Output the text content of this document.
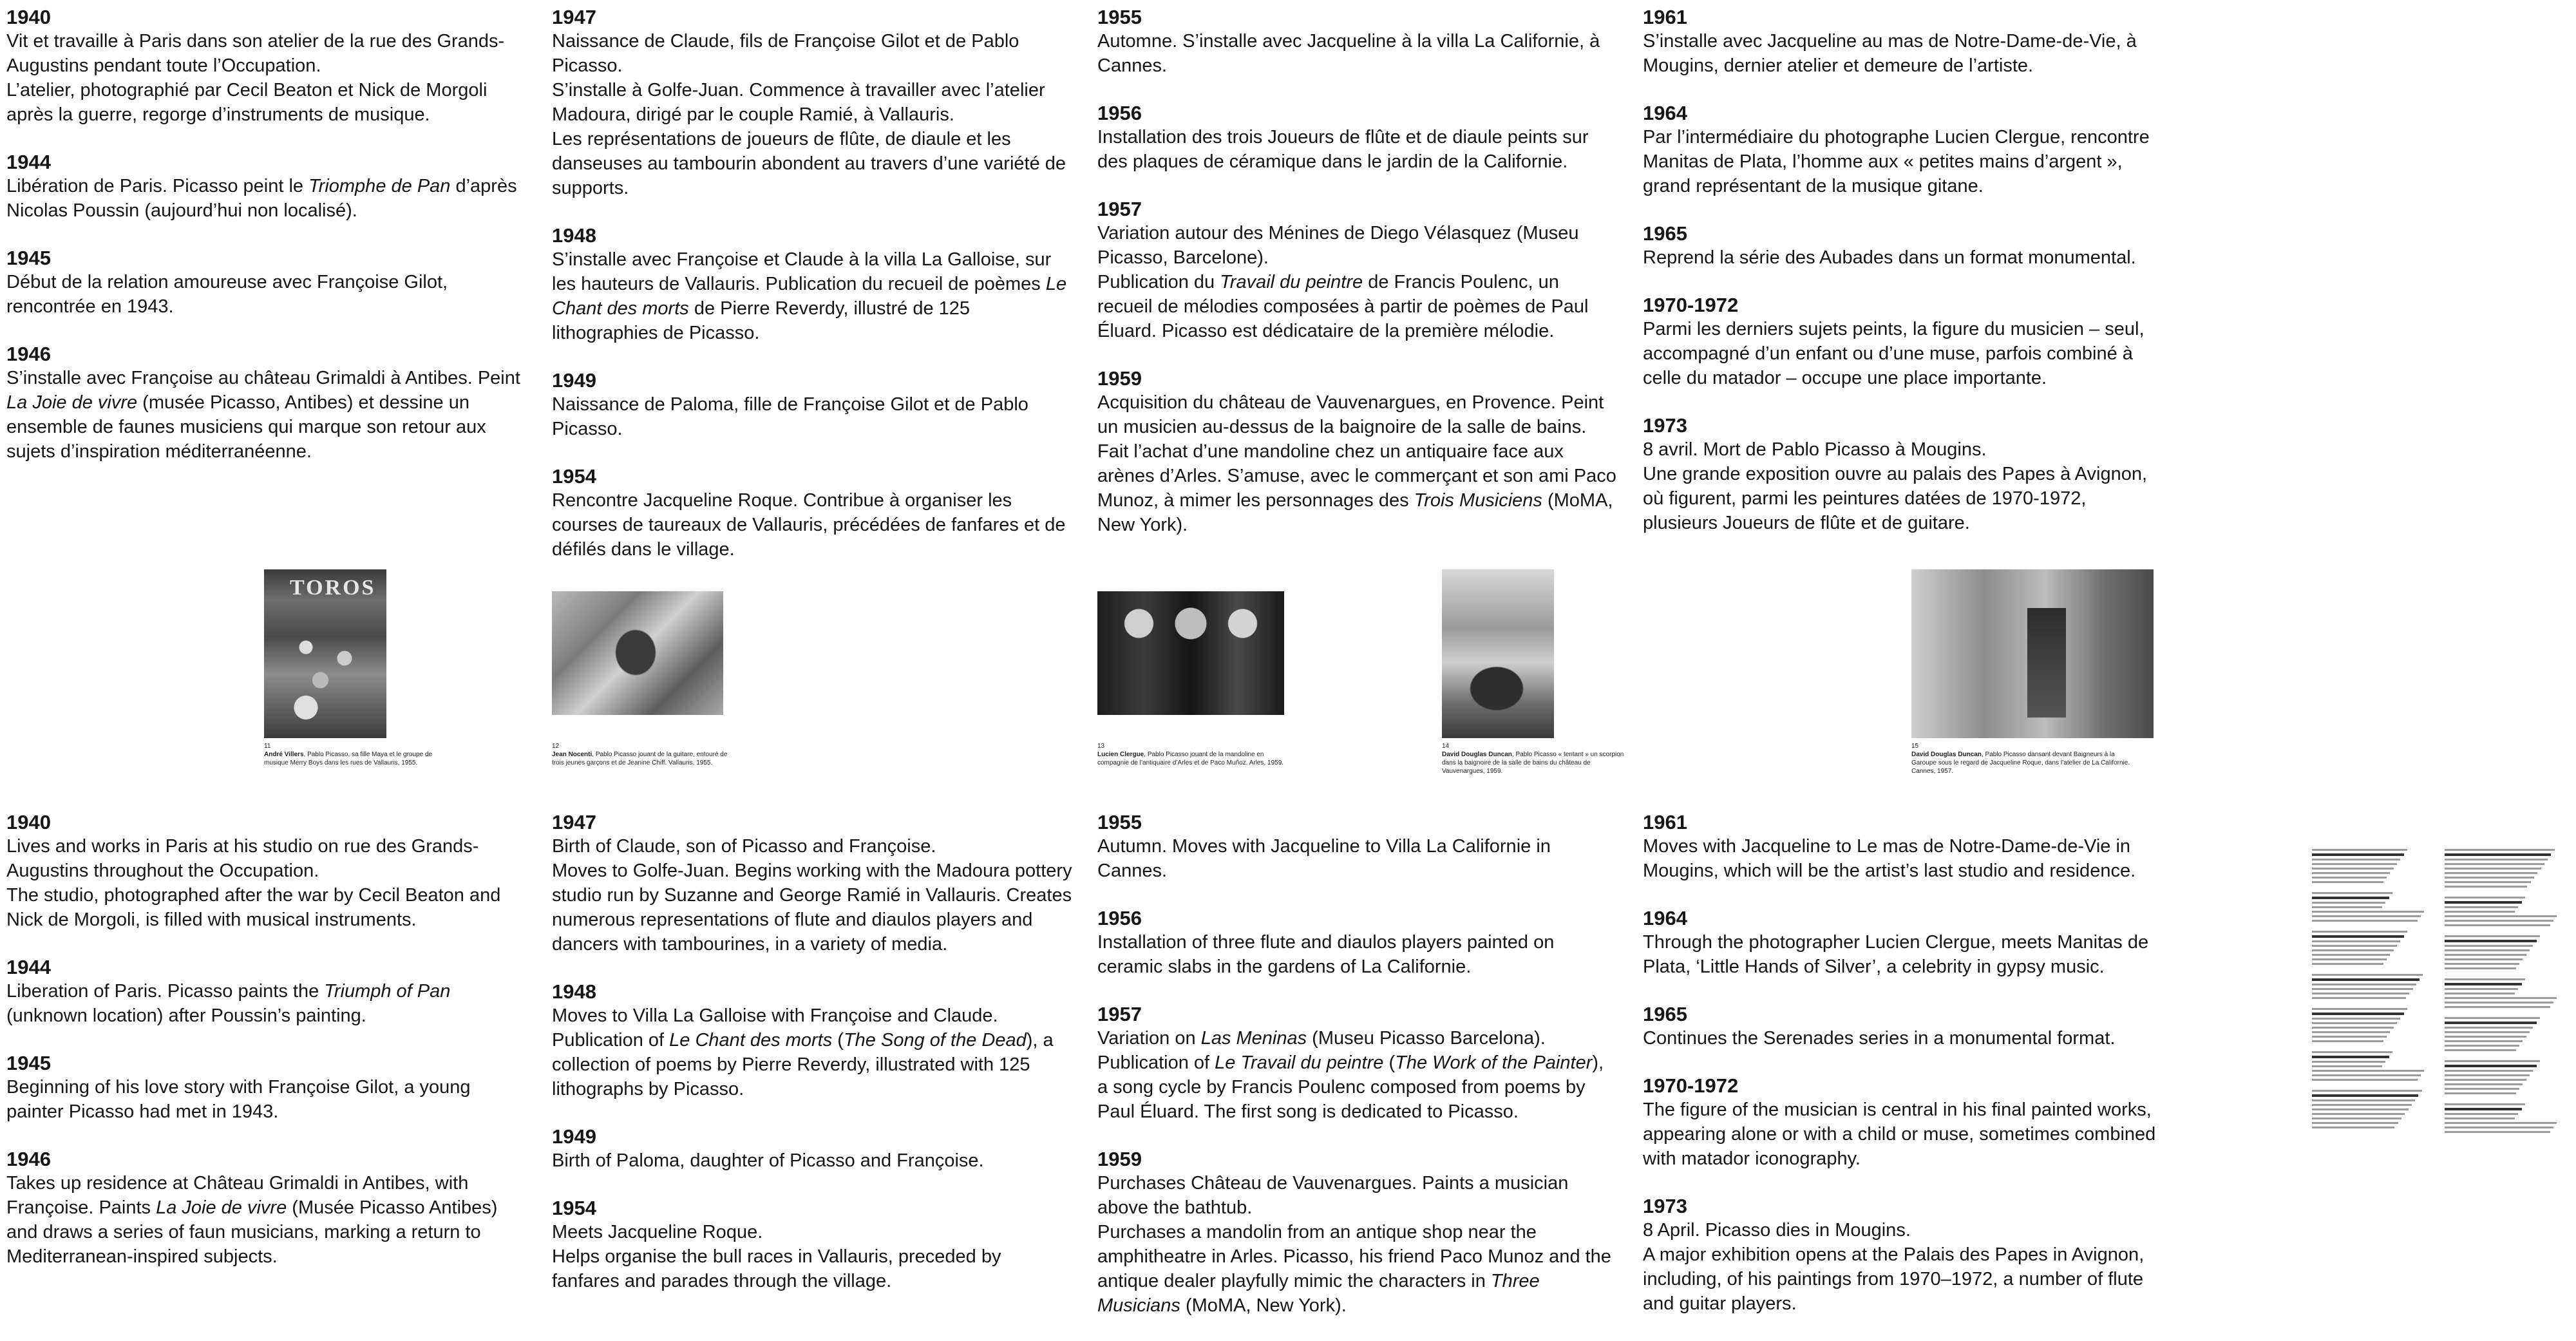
1940

Vit et travaille à Paris dans son atelier de la rue des Grands-Augustins pendant toute l’Occupation.

L’atelier, photographié par Cecil Beaton et Nick de Morgoli après la guerre, regorge d’instruments de musique.

1944

Libération de Paris. Picasso peint le Triomphe de Pan d’après Nicolas Poussin (aujourd’hui non localisé).

1945

Début de la relation amoureuse avec Françoise Gilot, rencontrée en 1943.

1946

S’installe avec Françoise au château Grimaldi à Antibes. Peint La Joie de vivre (musée Picasso, Antibes) et dessine un ensemble de faunes musiciens qui marque son retour aux sujets d’inspiration méditerranéenne.

1947

Naissance de Claude, fils de Françoise Gilot et de Pablo Picasso.

S’installe à Golfe-Juan. Commence à travailler avec l’atelier Madoura, dirigé par le couple Ramié, à Vallauris.

Les représentations de joueurs de flûte, de diaule et les danseuses au tambourin abondent au travers d’une variété de supports.

1948

S’installe avec Françoise et Claude à la villa La Galloise, sur les hauteurs de Vallauris. Publication du recueil de poèmes Le Chant des morts de Pierre Reverdy, illustré de 125 lithographies de Picasso.

1949

Naissance de Paloma, fille de Françoise Gilot et de Pablo Picasso.

1954

Rencontre Jacqueline Roque. Contribue à organiser les courses de taureaux de Vallauris, précédées de fanfares et de défilés dans le village.

1955

Automne. S’installe avec Jacqueline à la villa La Californie, à Cannes.

1956

Installation des trois Joueurs de flûte et de diaule peints sur des plaques de céramique dans le jardin de la Californie.

1957

Variation autour des Ménines de Diego Vélasquez (Museu Picasso, Barcelone).

Publication du Travail du peintre de Francis Poulenc, un recueil de mélodies composées à partir de poèmes de Paul Éluard. Picasso est dédicataire de la première mélodie.

1959

Acquisition du château de Vauvenargues, en Provence. Peint un musicien au-dessus de la baignoire de la salle de bains.

Fait l’achat d’une mandoline chez un antiquaire face aux arènes d’Arles. S’amuse, avec le commerçant et son ami Paco Munoz, à mimer les personnages des Trois Musiciens (MoMA, New York).

1961

S’installe avec Jacqueline au mas de Notre-Dame-de-Vie, à Mougins, dernier atelier et demeure de l’artiste.

1964

Par l’intermédiaire du photographe Lucien Clergue, rencontre Manitas de Plata, l’homme aux « petites mains d’argent », grand représentant de la musique gitane.

1965

Reprend la série des Aubades dans un format monumental.

1970-1972

Parmi les derniers sujets peints, la figure du musicien – seul, accompagné d’un enfant ou d’une muse, parfois combiné à celle du matador – occupe une place importante.

1973

8 avril. Mort de Pablo Picasso à Mougins.

Une grande exposition ouvre au palais des Papes à Avignon, où figurent, parmi les peintures datées de 1970-1972, plusieurs Joueurs de flûte et de guitare.

TOROS
11
André Villers, Pablo Picasso, sa fille Maya et le groupe de musique Merry Boys dans les rues de Vallauris, 1955.
12
Jean Nocenti, Pablo Picasso jouant de la guitare, entouré de trois jeunes garçons et de Jeanine Chiff. Vallauris, 1955.
13
Lucien Clergue, Pablo Picasso jouant de la mandoline en compagnie de l’antiquaire d’Arles et de Paco Muñoz. Arles, 1959.
14
David Douglas Duncan, Pablo Picasso « tentant » un scorpion dans la baignoire de la salle de bains du château de Vauvenargues, 1959.
15
David Douglas Duncan, Pablo Picasso dansant devant Baigneurs à la Garoupe sous le regard de Jacqueline Roque, dans l’atelier de La Californie. Cannes, 1957.

1940

Lives and works in Paris at his studio on rue des Grands-Augustins throughout the Occupation.

The studio, photographed after the war by Cecil Beaton and Nick de Morgoli, is filled with musical instruments.

1944

Liberation of Paris. Picasso paints the Triumph of Pan (unknown location) after Poussin’s painting.

1945

Beginning of his love story with Françoise Gilot, a young painter Picasso had met in 1943.

1946

Takes up residence at Château Grimaldi in Antibes, with Françoise. Paints La Joie de vivre (Musée Picasso Antibes) and draws a series of faun musicians, marking a return to Mediterranean-inspired subjects.

1947

Birth of Claude, son of Picasso and Françoise.

Moves to Golfe-Juan. Begins working with the Madoura pottery studio run by Suzanne and George Ramié in Vallauris. Creates numerous representations of flute and diaulos players and dancers with tambourines, in a variety of media.

1948

Moves to Villa La Galloise with Françoise and Claude.

Publication of Le Chant des morts (The Song of the Dead), a collection of poems by Pierre Reverdy, illustrated with 125 lithographs by Picasso.

1949

Birth of Paloma, daughter of Picasso and Françoise.

1954

Meets Jacqueline Roque.

Helps organise the bull races in Vallauris, preceded by fanfares and parades through the village.

1955

Autumn. Moves with Jacqueline to Villa La Californie in Cannes.

1956

Installation of three flute and diaulos players painted on ceramic slabs in the gardens of La Californie.

1957

Variation on Las Meninas (Museu Picasso Barcelona).

Publication of Le Travail du peintre (The Work of the Painter), a song cycle by Francis Poulenc composed from poems by Paul Éluard. The first song is dedicated to Picasso.

1959

Purchases Château de Vauvenargues. Paints a musician above the bathtub.

Purchases a mandolin from an antique shop near the amphitheatre in Arles. Picasso, his friend Paco Munoz and the antique dealer playfully mimic the characters in Three Musicians (MoMA, New York).

1961

Moves with Jacqueline to Le mas de Notre-Dame-de-Vie in Mougins, which will be the artist’s last studio and residence.

1964

Through the photographer Lucien Clergue, meets Manitas de Plata, ‘Little Hands of Silver’, a celebrity in gypsy music.

1965

Continues the Serenades series in a monumental format.

1970-1972

The figure of the musician is central in his final painted works, appearing alone or with a child or muse, sometimes combined with matador iconography.

1973

8 April. Picasso dies in Mougins.

A major exhibition opens at the Palais des Papes in Avignon, including, of his paintings from 1970–1972, a number of flute and guitar players.
